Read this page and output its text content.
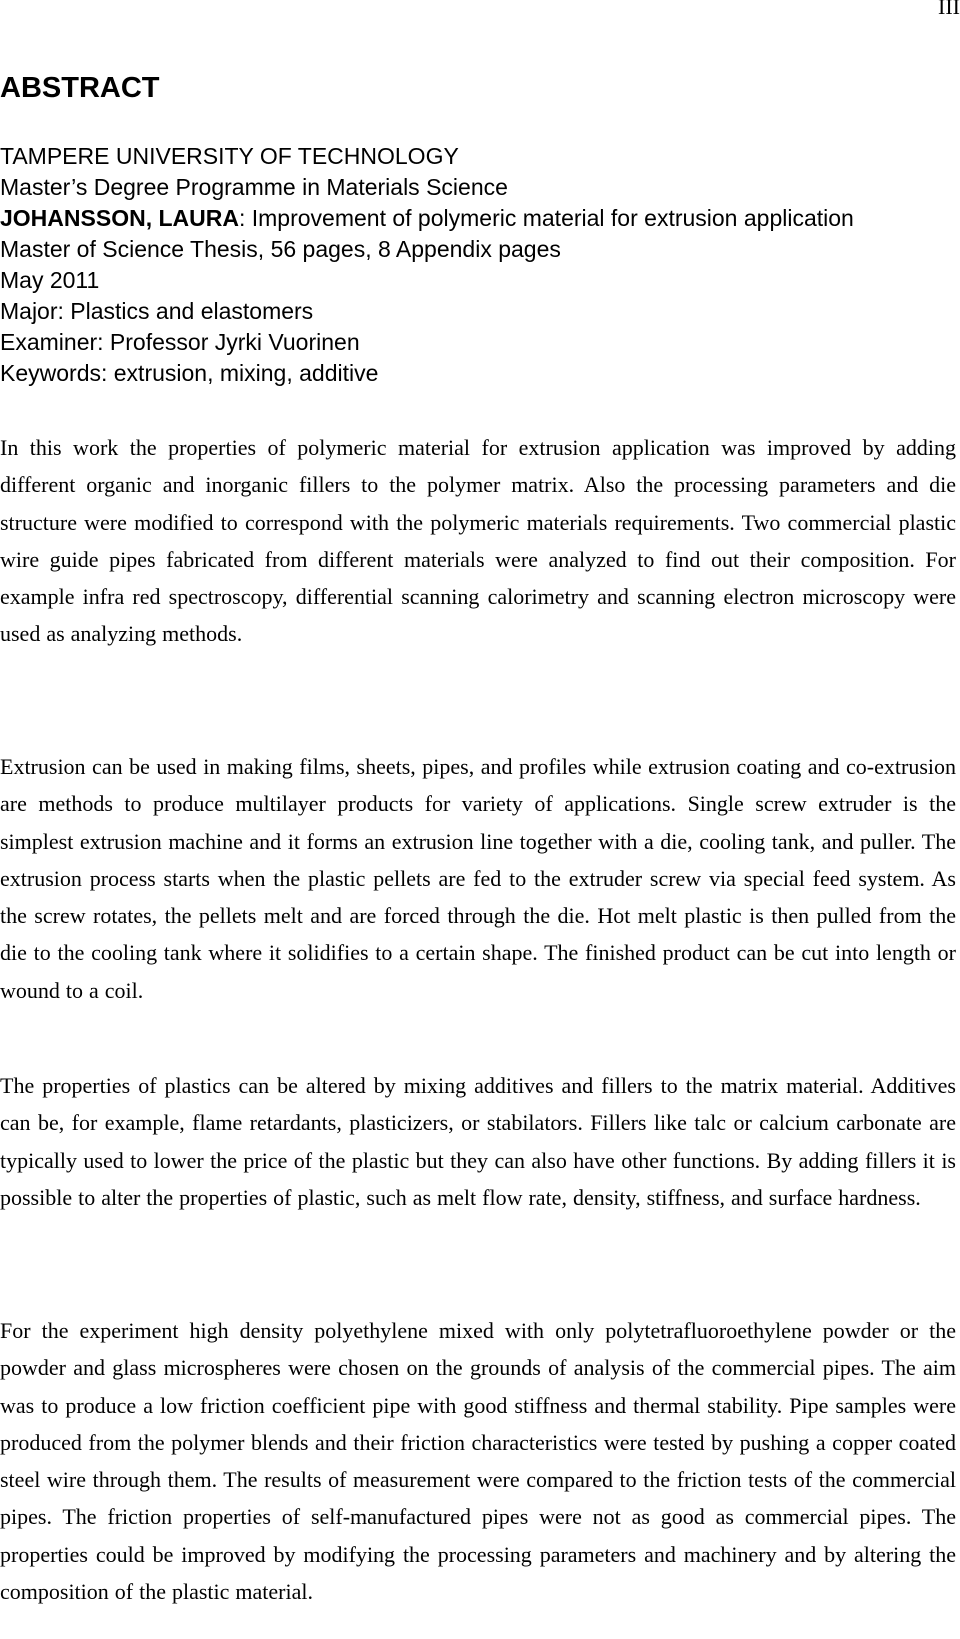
III
ABSTRACT
TAMPERE UNIVERSITY OF TECHNOLOGY
Master’s Degree Programme in Materials Science
JOHANSSON, LAURA: Improvement of polymeric material for extrusion application
Master of Science Thesis, 56 pages, 8 Appendix pages
May 2011
Major: Plastics and elastomers
Examiner: Professor Jyrki Vuorinen
Keywords: extrusion, mixing, additive

In this work the properties of polymeric material for extrusion application was improved by adding different organic and inorganic fillers to the polymer matrix. Also the processing parameters and die structure were modified to correspond with the polymeric materials requirements. Two commercial plastic wire guide pipes fabricated from different materials were analyzed to find out their composition. For example infra red spectroscopy, differential scanning calorimetry and scanning electron microscopy were used as analyzing methods.

Extrusion can be used in making films, sheets, pipes, and profiles while extrusion coating and co-extrusion are methods to produce multilayer products for variety of applications. Single screw extruder is the simplest extrusion machine and it forms an extrusion line together with a die, cooling tank, and puller. The extrusion process starts when the plastic pellets are fed to the extruder screw via special feed system. As the screw rotates, the pellets melt and are forced through the die. Hot melt plastic is then pulled from the die to the cooling tank where it solidifies to a certain shape. The finished product can be cut into length or wound to a coil.

The properties of plastics can be altered by mixing additives and fillers to the matrix material. Additives can be, for example, flame retardants, plasticizers, or stabilators. Fillers like talc or calcium carbonate are typically used to lower the price of the plastic but they can also have other functions. By adding fillers it is possible to alter the properties of plastic, such as melt flow rate, density, stiffness, and surface hardness.

For the experiment high density polyethylene mixed with only polytetrafluoroethylene powder or the powder and glass microspheres were chosen on the grounds of analysis of the commercial pipes. The aim was to produce a low friction coefficient pipe with good stiffness and thermal stability. Pipe samples were produced from the polymer blends and their friction characteristics were tested by pushing a copper coated steel wire through them. The results of measurement were compared to the friction tests of the commercial pipes. The friction properties of self-manufactured pipes were not as good as commercial pipes. The properties could be improved by modifying the processing parameters and machinery and by altering the composition of the plastic material.
